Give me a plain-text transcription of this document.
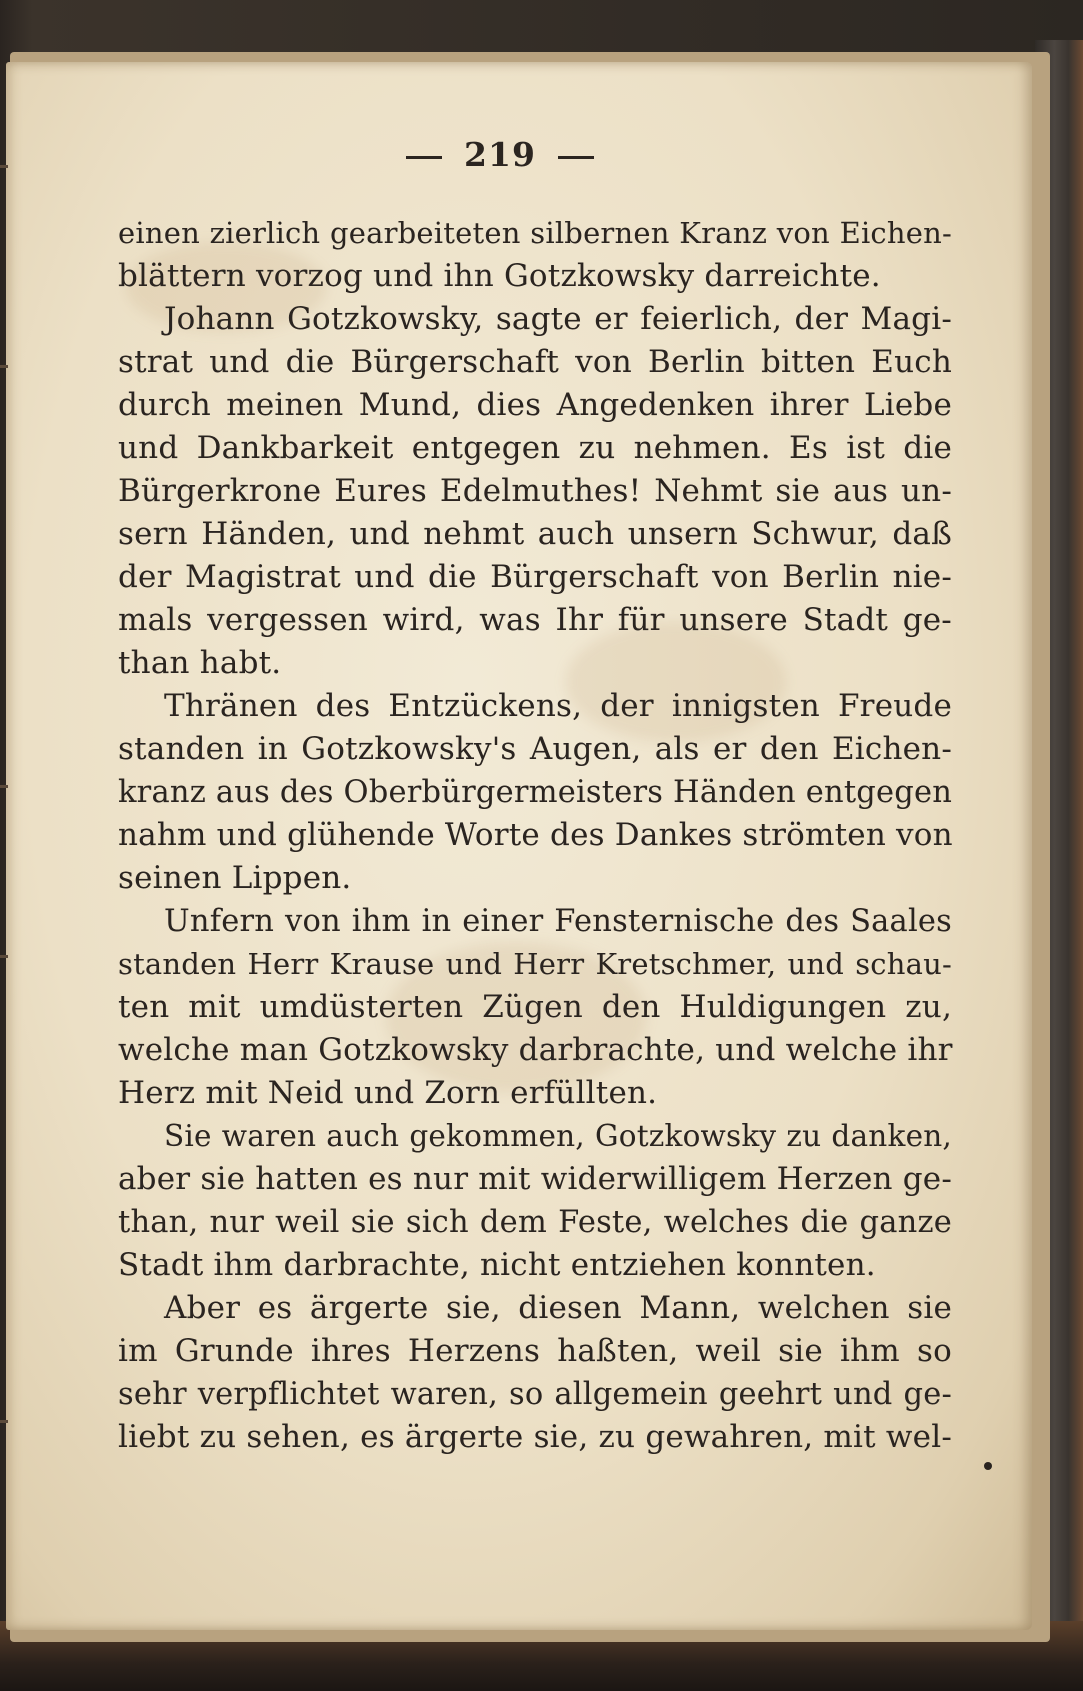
219
einen zierlich gearbeiteten silbernen Kranz von Eichen-
blättern vorzog und ihn Gotzkowsky darreichte.
Johann Gotzkowsky, sagte er feierlich, der Magi-
strat und die Bürgerschaft von Berlin bitten Euch
durch meinen Mund, dies Angedenken ihrer Liebe
und Dankbarkeit entgegen zu nehmen. Es ist die
Bürgerkrone Eures Edelmuthes! Nehmt sie aus un-
sern Händen, und nehmt auch unsern Schwur, daß
der Magistrat und die Bürgerschaft von Berlin nie-
mals vergessen wird, was Ihr für unsere Stadt ge-
than habt.
Thränen des Entzückens, der innigsten Freude
standen in Gotzkowsky's Augen, als er den Eichen-
kranz aus des Oberbürgermeisters Händen entgegen
nahm und glühende Worte des Dankes strömten von
seinen Lippen.
Unfern von ihm in einer Fensternische des Saales
standen Herr Krause und Herr Kretschmer, und schau-
ten mit umdüsterten Zügen den Huldigungen zu,
welche man Gotzkowsky darbrachte, und welche ihr
Herz mit Neid und Zorn erfüllten.
Sie waren auch gekommen, Gotzkowsky zu danken,
aber sie hatten es nur mit widerwilligem Herzen ge-
than, nur weil sie sich dem Feste, welches die ganze
Stadt ihm darbrachte, nicht entziehen konnten.
Aber es ärgerte sie, diesen Mann, welchen sie
im Grunde ihres Herzens haßten, weil sie ihm so
sehr verpflichtet waren, so allgemein geehrt und ge-
liebt zu sehen, es ärgerte sie, zu gewahren, mit wel-
